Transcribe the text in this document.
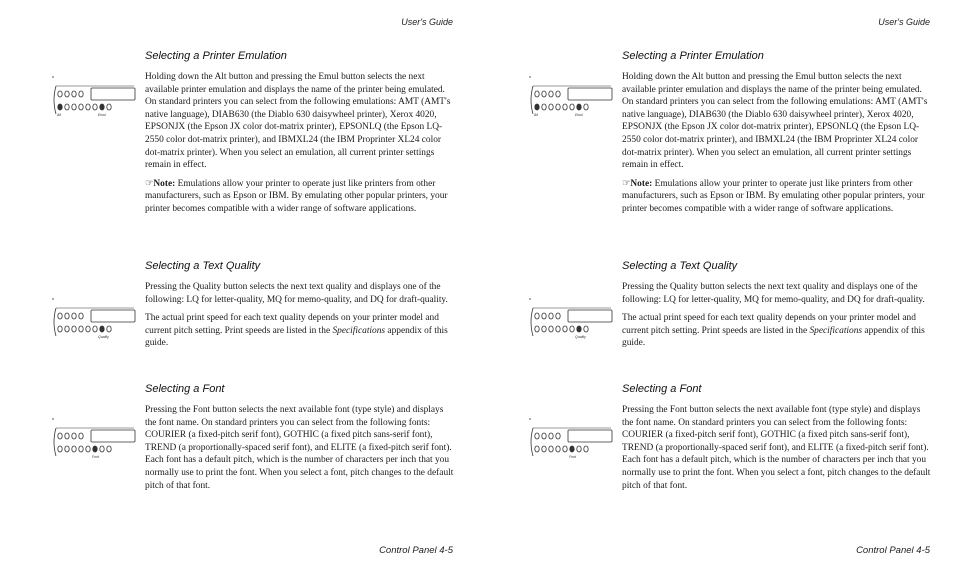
User's Guide
Selecting a Printer Emulation

Holding down the Alt button and pressing the Emul button selects the next available printer emulation and displays the name of the printer being emulated. On standard printers you can select from the following emulations: AMT (AMT's native language), DIAB630 (the Diablo 630 daisywheel printer), Xerox 4020, EPSONJX (the Epson JX color dot-matrix printer), EPSONLQ (the Epson LQ-2550 color dot-matrix printer), and IBMXL24 (the IBM Proprinter XL24 color dot-matrix printer). When you select an emulation, all current printer settings remain in effect.

☞Note: Emulations allow your printer to operate just like printers from other manufacturers, such as Epson or IBM. By emulating other popular printers, your printer becomes compatible with a wider range of software applications.

Alt	Emul
Selecting a Text Quality

Pressing the Quality button selects the next text quality and displays one of the following: LQ for letter-quality, MQ for memo-quality, and DQ for draft-quality.

The actual print speed for each text quality depends on your printer model and current pitch setting. Print speeds are listed in the Specifications appendix of this guide.

Quality
Selecting a Font

Pressing the Font button selects the next available font (type style) and displays the font name. On standard printers you can select from the following fonts: COURIER (a fixed-pitch serif font), GOTHIC (a fixed pitch sans-serif font), TREND (a proportionally-spaced serif font), and ELITE (a fixed-pitch serif font). Each font has a default pitch, which is the number of characters per inch that you normally use to print the font. When you select a font, pitch changes to the default pitch of that font.

Font
Control Panel 4-5
User's Guide
Selecting a Printer Emulation

Holding down the Alt button and pressing the Emul button selects the next available printer emulation and displays the name of the printer being emulated. On standard printers you can select from the following emulations: AMT (AMT's native language), DIAB630 (the Diablo 630 daisywheel printer), Xerox 4020, EPSONJX (the Epson JX color dot-matrix printer), EPSONLQ (the Epson LQ-2550 color dot-matrix printer), and IBMXL24 (the IBM Proprinter XL24 color dot-matrix printer). When you select an emulation, all current printer settings remain in effect.

☞Note: Emulations allow your printer to operate just like printers from other manufacturers, such as Epson or IBM. By emulating other popular printers, your printer becomes compatible with a wider range of software applications.

Alt	Emul
Selecting a Text Quality

Pressing the Quality button selects the next text quality and displays one of the following: LQ for letter-quality, MQ for memo-quality, and DQ for draft-quality.

The actual print speed for each text quality depends on your printer model and current pitch setting. Print speeds are listed in the Specifications appendix of this guide.

Quality
Selecting a Font

Pressing the Font button selects the next available font (type style) and displays the font name. On standard printers you can select from the following fonts: COURIER (a fixed-pitch serif font), GOTHIC (a fixed pitch sans-serif font), TREND (a proportionally-spaced serif font), and ELITE (a fixed-pitch serif font). Each font has a default pitch, which is the number of characters per inch that you normally use to print the font. When you select a font, pitch changes to the default pitch of that font.

Font
Control Panel 4-5
